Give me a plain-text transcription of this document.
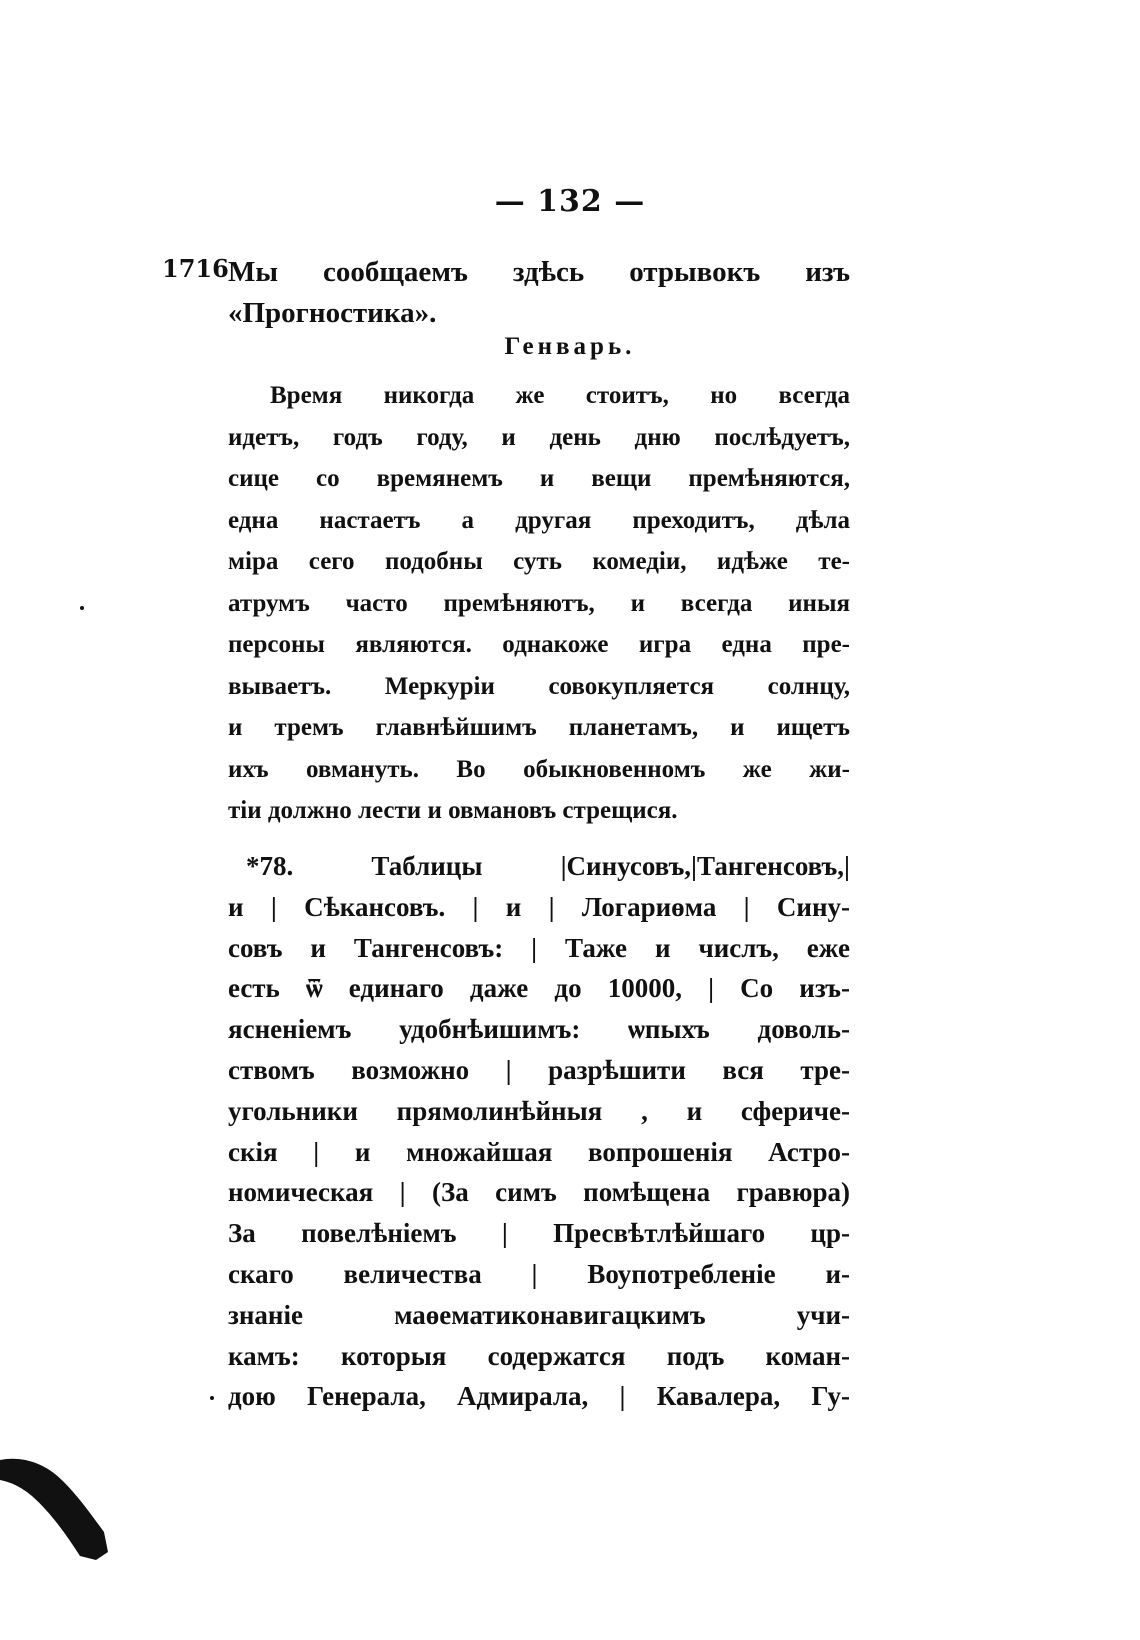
— 132 —
1716 Мы сообщаемъ здѣсь отрывокъ изъ
«Прогностика».
Генварь.
Время никогда же стоитъ, но всегда
идетъ, годъ году, и день дню послѣдуетъ,
сице со времянемъ и вещи премѣняются,
една настаетъ а другая преходитъ, дѣла
міра сего подобны суть комедіи, идѣже те-
атрумъ часто премѣняютъ, и всегда иныя
персоны являются. однакоже игра една пре-
вываетъ. Меркуріи совокупляется солнцу,
и тремъ главнѣйшимъ планетамъ, и ищетъ
ихъ овмануть. Во обыкновенномъ же жи-
тіи должно лести и овмановъ стрещися.
*78. Таблицы |Синусовъ,|Тангенсовъ,|
и | Сѣкансовъ. | и | Логариөма | Сину-
совъ и Тангенсовъ: | Таже и числъ, еже
есть ѿ единаго даже до 10000, | Со изъ-
ясненіемъ удобнѣишимъ: ѡпыхъ доволь-
ствомъ возможно | разрѣшити вся тре-
угольники прямолинѣйныя , и сфериче-
скія | и множайшая вопрошенія Астро-
номическая | (За симъ помѣщена гравюра)
За повелѣніемъ | Пресвѣтлѣйшаго цр-
скаго величества | Воупотребленіе и-
знаніе маөематиконавигацкимъ учи-
камъ: которыя содержатся подъ коман-
дою Генерала, Адмирала, | Кавалера, Гу-
